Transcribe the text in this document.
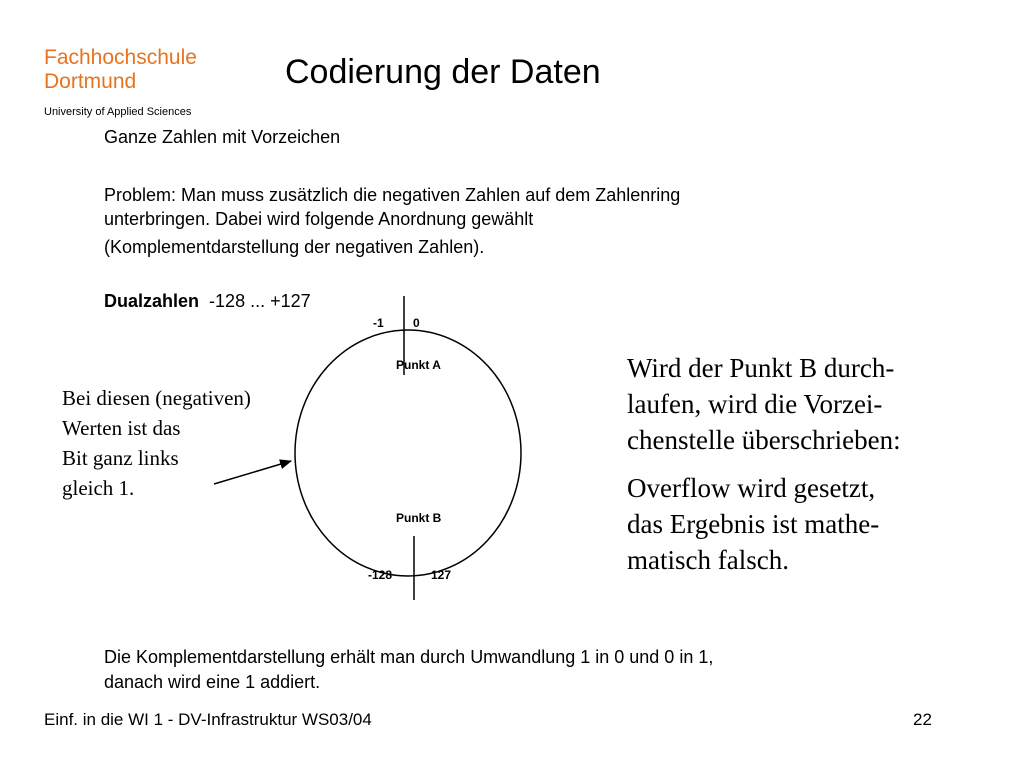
Fachhochschule
Dortmund
University of Applied Sciences
Codierung der Daten
Ganze Zahlen mit Vorzeichen
Problem: Man muss zusätzlich die negativen Zahlen auf dem Zahlenring
unterbringen. Dabei wird folgende Anordnung gewählt
(Komplementdarstellung der negativen Zahlen).
Dualzahlen -128 ... +127
-1 0
Punkt A
Punkt B
-128	127
Bei diesen (negativen)
Werten ist das
Bit ganz links
gleich 1.
Wird der Punkt B durch-
laufen, wird die Vorzei-
chenstelle überschrieben:
Overflow wird gesetzt,
das Ergebnis ist mathe-
matisch falsch.
Die Komplementdarstellung erhält man durch Umwandlung 1 in 0 und 0 in 1,
danach wird eine 1 addiert.
Einf. in die WI 1 - DV-Infrastruktur WS03/04	22
